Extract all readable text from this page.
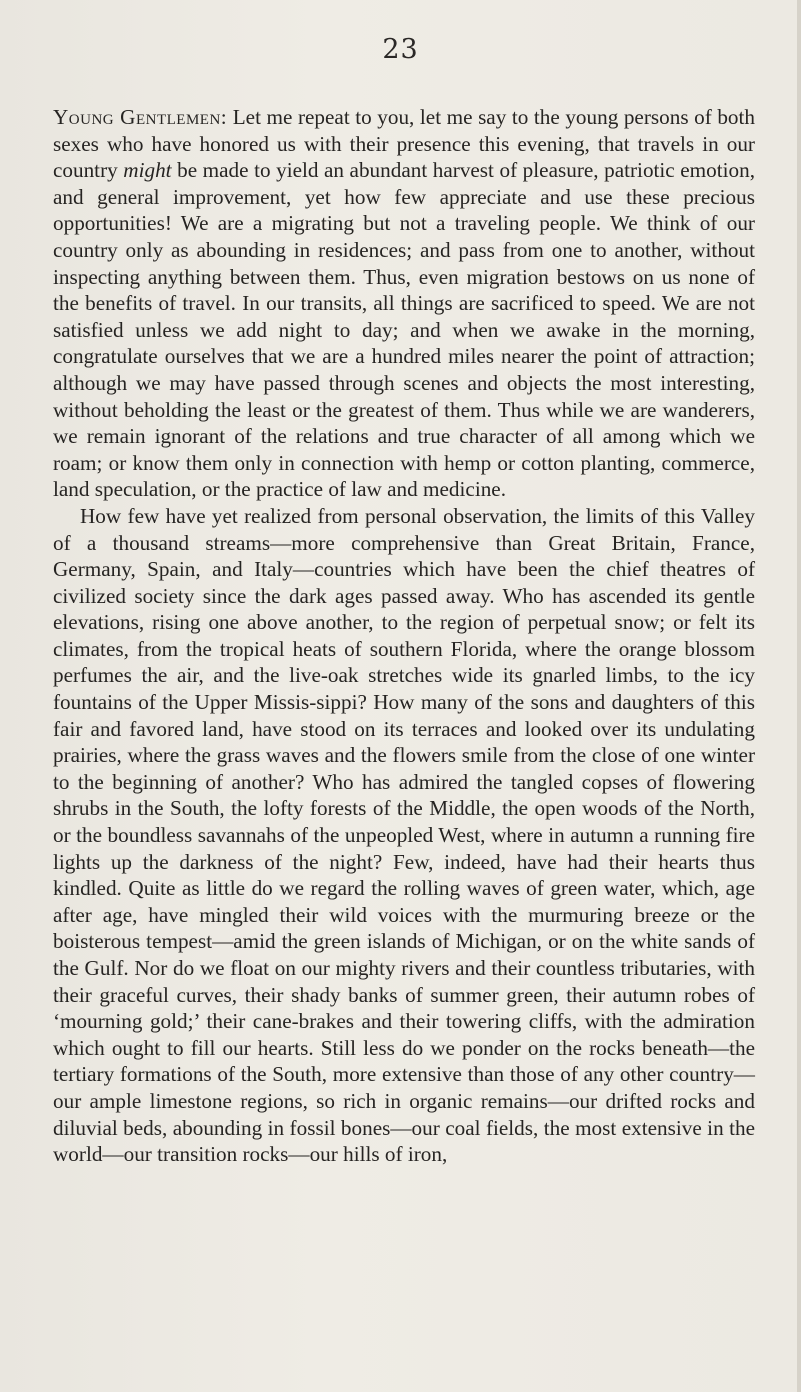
23

Young Gentlemen: Let me repeat to you, let me say to the young persons of both sexes who have honored us with their presence this evening, that travels in our country might be made to yield an abundant harvest of pleasure, patriotic emotion, and general improvement, yet how few appreciate and use these precious opportunities! We are a migrating but not a traveling people. We think of our country only as abounding in residences; and pass from one to another, without inspecting anything between them. Thus, even migration bestows on us none of the benefits of travel. In our transits, all things are sacrificed to speed. We are not satisfied unless we add night to day; and when we awake in the morning, congratulate ourselves that we are a hundred miles nearer the point of attraction; although we may have passed through scenes and objects the most interesting, without beholding the least or the greatest of them. Thus while we are wanderers, we remain ignorant of the relations and true character of all among which we roam; or know them only in connection with hemp or cotton planting, commerce, land speculation, or the practice of law and medicine.

How few have yet realized from personal observation, the limits of this Valley of a thousand streams—more comprehensive than Great Britain, France, Germany, Spain, and Italy—countries which have been the chief theatres of civilized society since the dark ages passed away. Who has ascended its gentle elevations, rising one above another, to the region of perpetual snow; or felt its climates, from the tropical heats of southern Florida, where the orange blossom perfumes the air, and the live-oak stretches wide its gnarled limbs, to the icy fountains of the Upper Missis-sippi? How many of the sons and daughters of this fair and favored land, have stood on its terraces and looked over its undulating prairies, where the grass waves and the flowers smile from the close of one winter to the beginning of another? Who has admired the tangled copses of flowering shrubs in the South, the lofty forests of the Middle, the open woods of the North, or the boundless savannahs of the unpeopled West, where in autumn a running fire lights up the darkness of the night? Few, indeed, have had their hearts thus kindled. Quite as little do we regard the rolling waves of green water, which, age after age, have mingled their wild voices with the murmuring breeze or the boisterous tempest—amid the green islands of Michigan, or on the white sands of the Gulf. Nor do we float on our mighty rivers and their countless tributaries, with their graceful curves, their shady banks of summer green, their autumn robes of ‘mourning gold;’ their cane-brakes and their towering cliffs, with the admiration which ought to fill our hearts. Still less do we ponder on the rocks beneath—the tertiary formations of the South, more extensive than those of any other country—our ample limestone regions, so rich in organic remains—our drifted rocks and diluvial beds, abounding in fossil bones—our coal fields, the most extensive in the world—our transition rocks—our hills of iron,
